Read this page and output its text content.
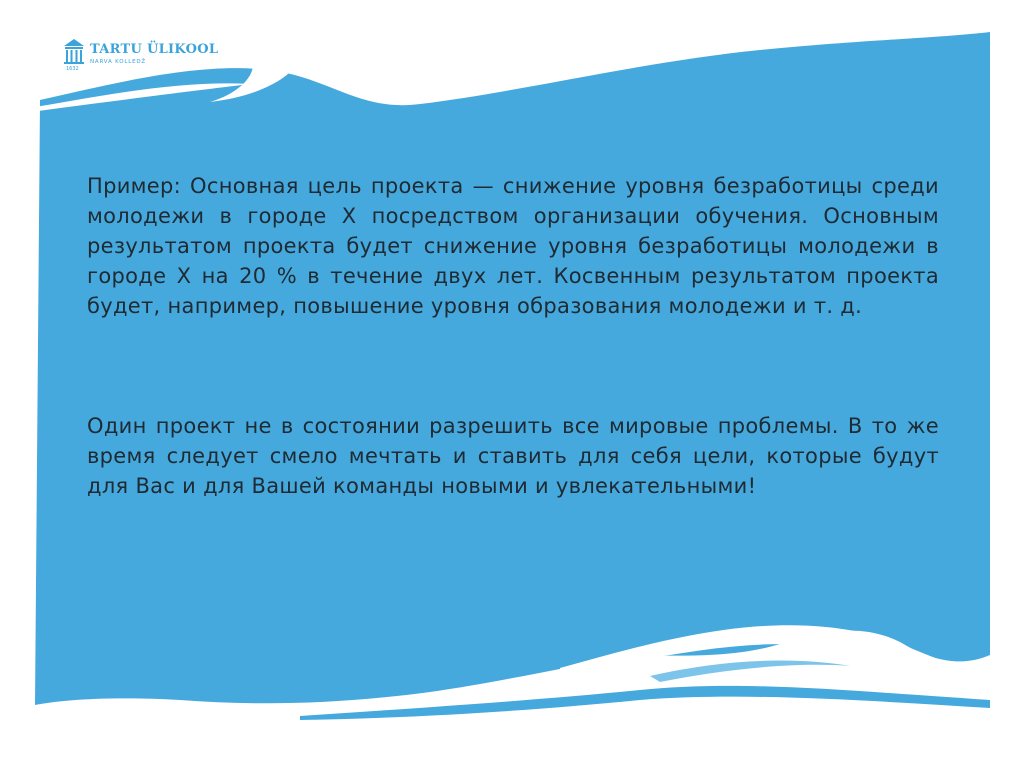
TARTU ÜLIKOOL
NARVA KOLLEDŽ
1632

Пример: Основная цель проекта — снижение уровня безработицы среди молодежи в городе X посредством организации обучения. Основным результатом проекта будет снижение уровня безработицы молодежи в городе X на 20 % в течение двух лет. Косвенным результатом проекта будет, например, повышение уровня образования молодежи и т. д.

Один проект не в состоянии разрешить все мировые проблемы. В то же время следует смело мечтать и ставить для себя цели, которые будут для Вас и для Вашей команды новыми и увлекательными!
